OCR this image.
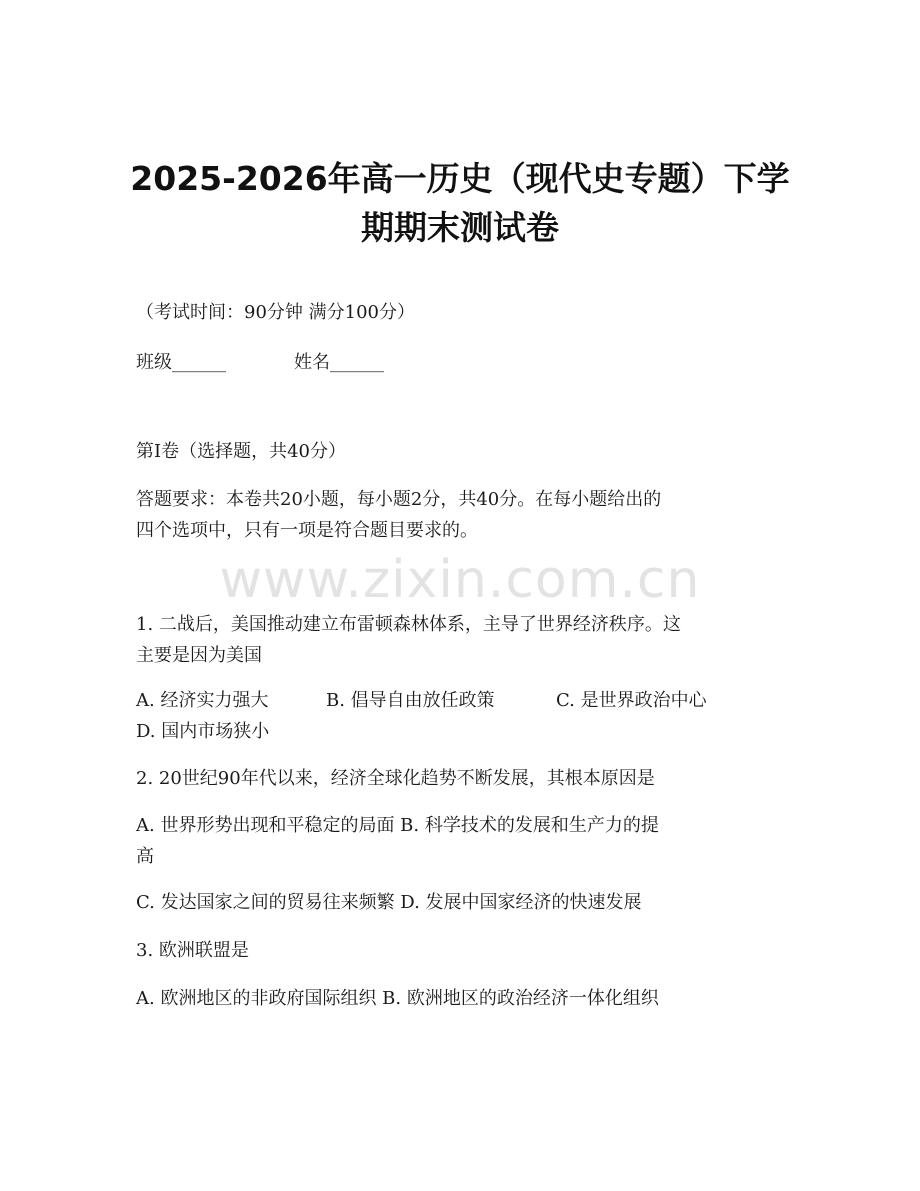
2025-2026年高一历史（现代史专题）下学
期期末测试卷
（考试时间：90分钟 满分100分）
班级______	姓名______
第Ⅰ卷（选择题，共40分）
答题要求：本卷共20小题，每小题2分，共40分。在每小题给出的
四个选项中，只有一项是符合题目要求的。
www.zixin.com.cn
1. 二战后，美国推动建立布雷顿森林体系，主导了世界经济秩序。这
主要是因为美国
A. 经济实力强大	B. 倡导自由放任政策	C. 是世界政治中心
D. 国内市场狭小
2. 20世纪90年代以来，经济全球化趋势不断发展，其根本原因是
A. 世界形势出现和平稳定的局面 B. 科学技术的发展和生产力的提
高
C. 发达国家之间的贸易往来频繁 D. 发展中国家经济的快速发展
3. 欧洲联盟是
A. 欧洲地区的非政府国际组织 B. 欧洲地区的政治经济一体化组织
